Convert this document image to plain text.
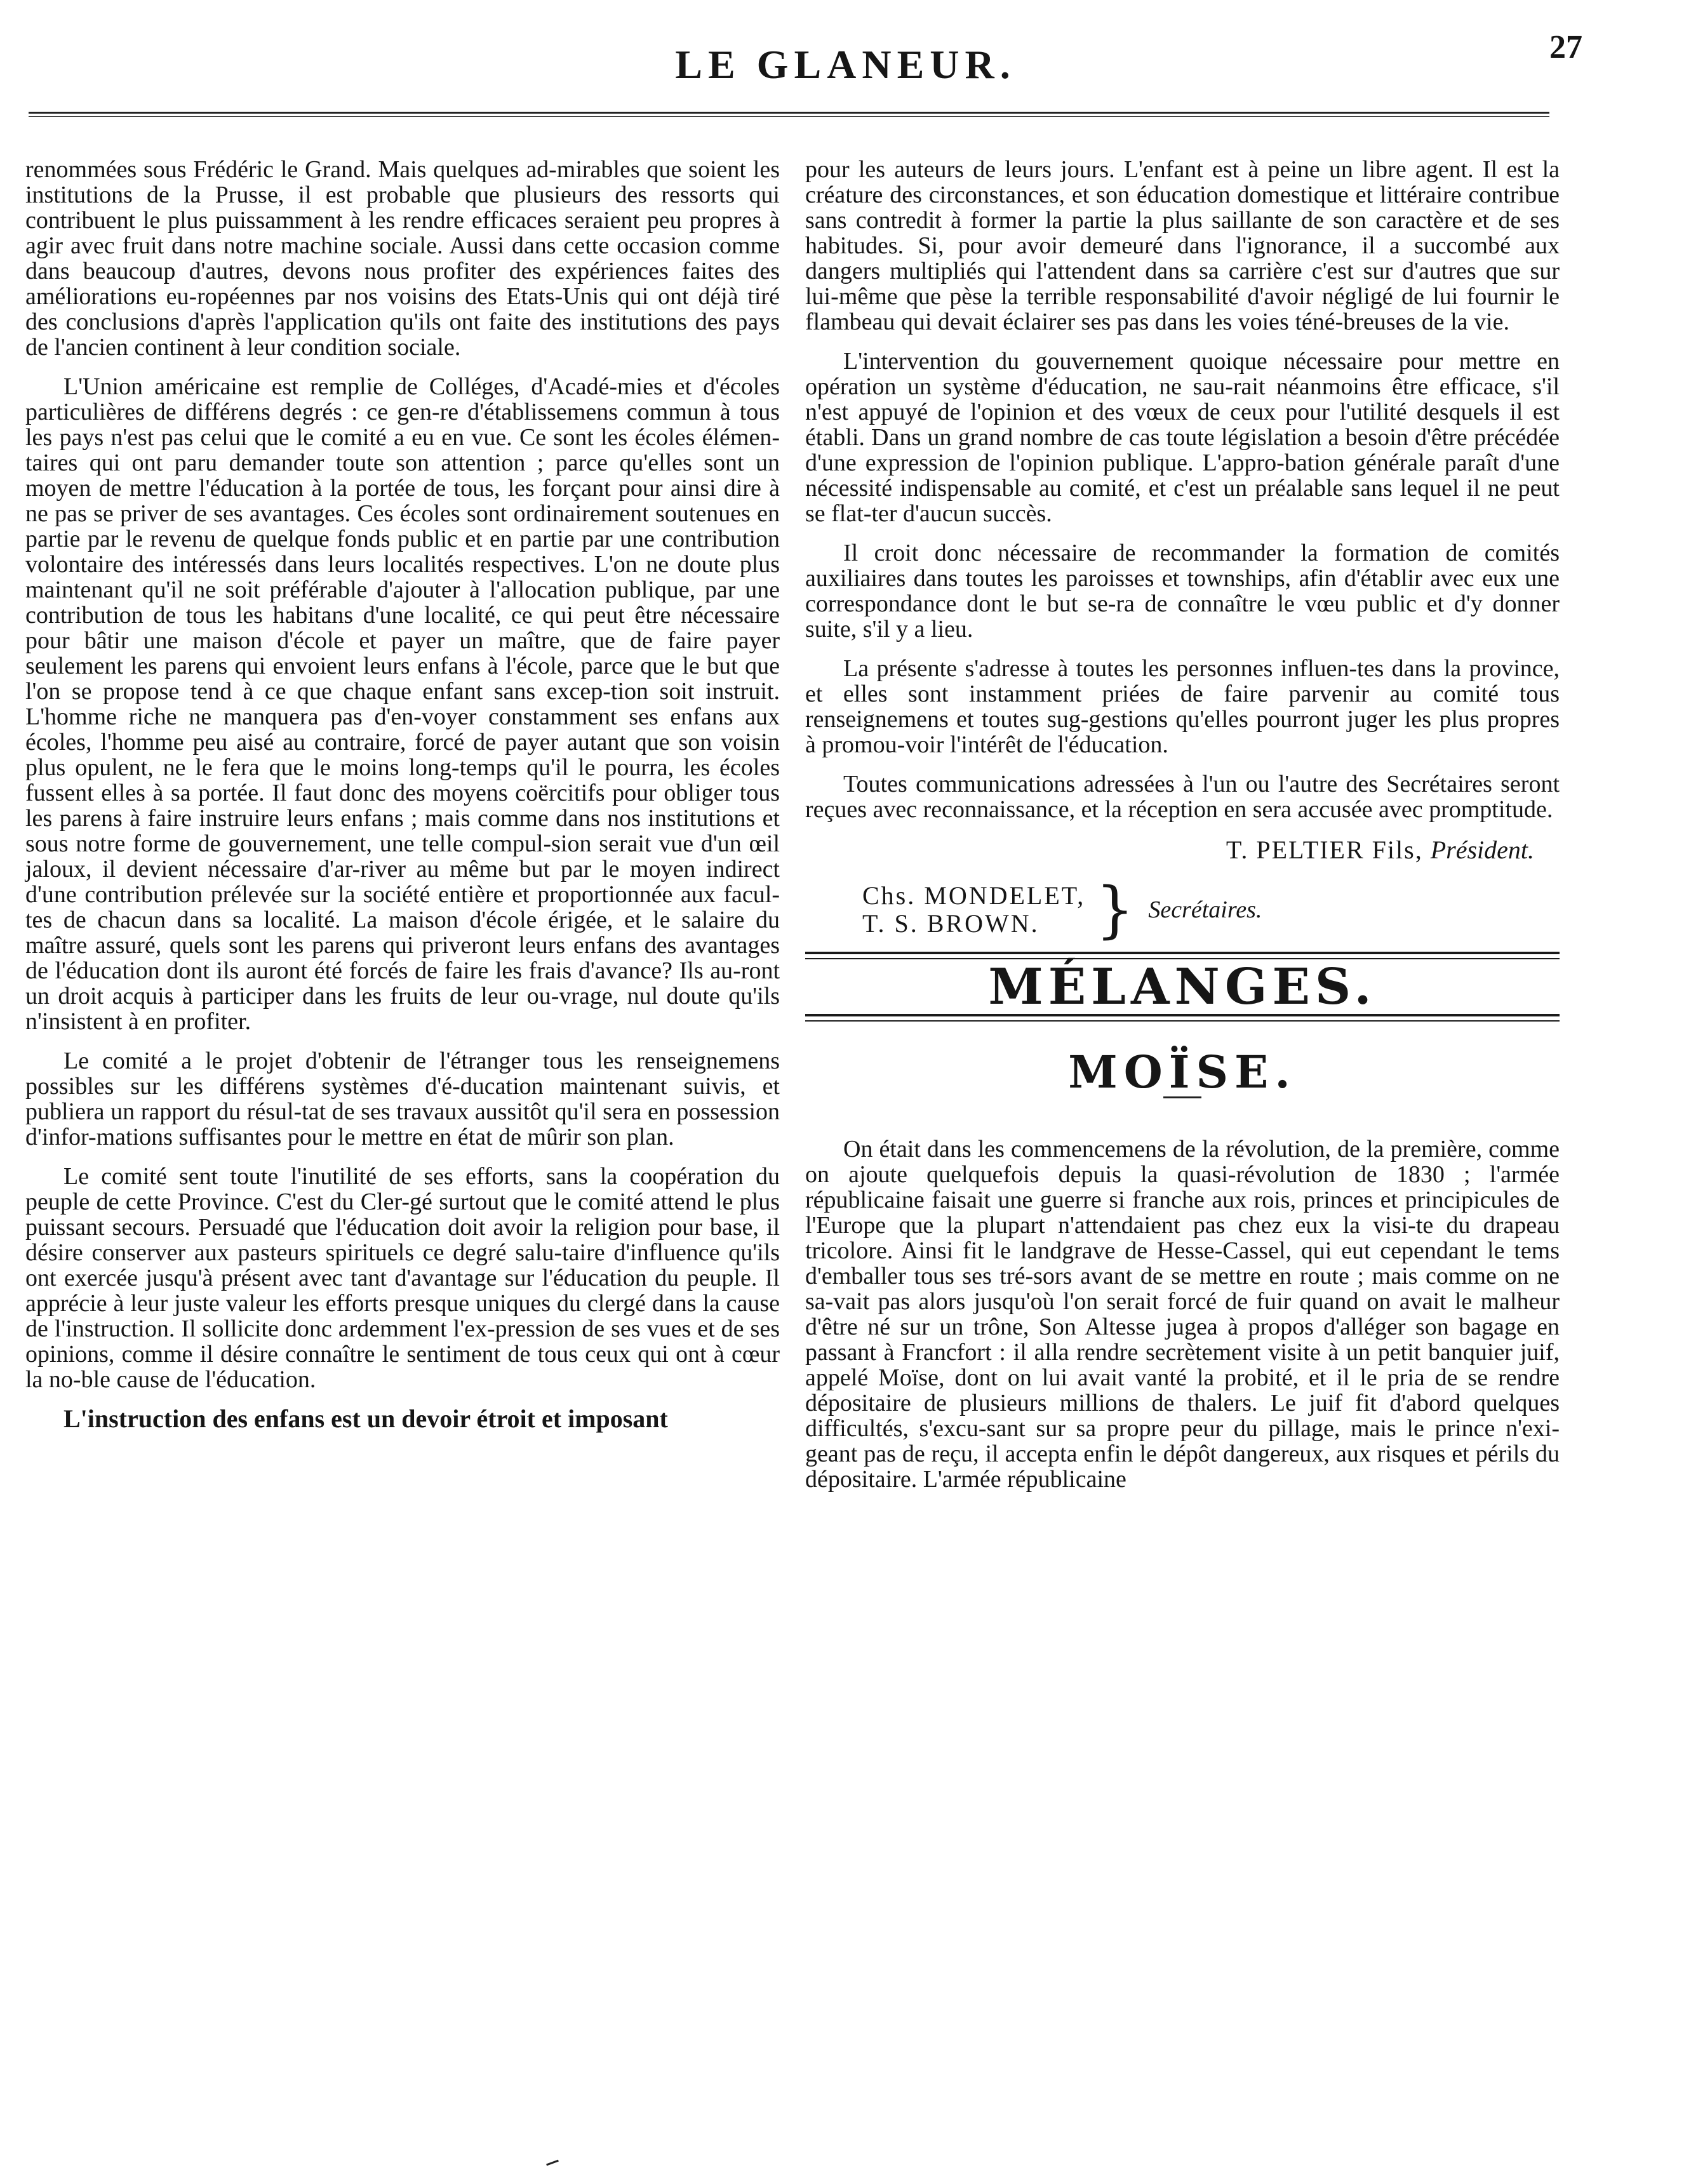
LE GLANEUR.	27

renommées sous Frédéric le Grand. Mais quelques ad-mirables que soient les institutions de la Prusse, il est probable que plusieurs des ressorts qui contribuent le plus puissamment à les rendre efficaces seraient peu propres à agir avec fruit dans notre machine sociale. Aussi dans cette occasion comme dans beaucoup d'autres, devons nous profiter des expériences faites des améliorations eu-ropéennes par nos voisins des Etats-Unis qui ont déjà tiré des conclusions d'après l'application qu'ils ont faite des institutions des pays de l'ancien continent à leur condition sociale.

L'Union américaine est remplie de Colléges, d'Acadé-mies et d'écoles particulières de différens degrés : ce gen-re d'établissemens commun à tous les pays n'est pas celui que le comité a eu en vue. Ce sont les écoles élémen-taires qui ont paru demander toute son attention ; parce qu'elles sont un moyen de mettre l'éducation à la portée de tous, les forçant pour ainsi dire à ne pas se priver de ses avantages. Ces écoles sont ordinairement soutenues en partie par le revenu de quelque fonds public et en partie par une contribution volontaire des intéressés dans leurs localités respectives. L'on ne doute plus maintenant qu'il ne soit préférable d'ajouter à l'allocation publique, par une contribution de tous les habitans d'une localité, ce qui peut être nécessaire pour bâtir une maison d'école et payer un maître, que de faire payer seulement les parens qui envoient leurs enfans à l'école, parce que le but que l'on se propose tend à ce que chaque enfant sans excep-tion soit instruit. L'homme riche ne manquera pas d'en-voyer constamment ses enfans aux écoles, l'homme peu aisé au contraire, forcé de payer autant que son voisin plus opulent, ne le fera que le moins long-temps qu'il le pourra, les écoles fussent elles à sa portée. Il faut donc des moyens coërcitifs pour obliger tous les parens à faire instruire leurs enfans ; mais comme dans nos institutions et sous notre forme de gouvernement, une telle compul-sion serait vue d'un œil jaloux, il devient nécessaire d'ar-river au même but par le moyen indirect d'une contribution prélevée sur la société entière et proportionnée aux facul-tes de chacun dans sa localité. La maison d'école érigée, et le salaire du maître assuré, quels sont les parens qui priveront leurs enfans des avantages de l'éducation dont ils auront été forcés de faire les frais d'avance? Ils au-ront un droit acquis à participer dans les fruits de leur ou-vrage, nul doute qu'ils n'insistent à en profiter.

Le comité a le projet d'obtenir de l'étranger tous les renseignemens possibles sur les différens systèmes d'é-ducation maintenant suivis, et publiera un rapport du résul-tat de ses travaux aussitôt qu'il sera en possession d'infor-mations suffisantes pour le mettre en état de mûrir son plan.

Le comité sent toute l'inutilité de ses efforts, sans la coopération du peuple de cette Province. C'est du Cler-gé surtout que le comité attend le plus puissant secours. Persuadé que l'éducation doit avoir la religion pour base, il désire conserver aux pasteurs spirituels ce degré salu-taire d'influence qu'ils ont exercée jusqu'à présent avec tant d'avantage sur l'éducation du peuple. Il apprécie à leur juste valeur les efforts presque uniques du clergé dans la cause de l'instruction. Il sollicite donc ardemment l'ex-pression de ses vues et de ses opinions, comme il désire connaître le sentiment de tous ceux qui ont à cœur la no-ble cause de l'éducation.

L'instruction des enfans est un devoir étroit et imposant

pour les auteurs de leurs jours. L'enfant est à peine un libre agent. Il est la créature des circonstances, et son éducation domestique et littéraire contribue sans contredit à former la partie la plus saillante de son caractère et de ses habitudes. Si, pour avoir demeuré dans l'ignorance, il a succombé aux dangers multipliés qui l'attendent dans sa carrière c'est sur d'autres que sur lui-même que pèse la terrible responsabilité d'avoir négligé de lui fournir le flambeau qui devait éclairer ses pas dans les voies téné-breuses de la vie.

L'intervention du gouvernement quoique nécessaire pour mettre en opération un système d'éducation, ne sau-rait néanmoins être efficace, s'il n'est appuyé de l'opinion et des vœux de ceux pour l'utilité desquels il est établi. Dans un grand nombre de cas toute législation a besoin d'être précédée d'une expression de l'opinion publique. L'appro-bation générale paraît d'une nécessité indispensable au comité, et c'est un préalable sans lequel il ne peut se flat-ter d'aucun succès.

Il croit donc nécessaire de recommander la formation de comités auxiliaires dans toutes les paroisses et townships, afin d'établir avec eux une correspondance dont le but se-ra de connaître le vœu public et d'y donner suite, s'il y a lieu.

La présente s'adresse à toutes les personnes influen-tes dans la province, et elles sont instamment priées de faire parvenir au comité tous renseignemens et toutes sug-gestions qu'elles pourront juger les plus propres à promou-voir l'intérêt de l'éducation.

Toutes communications adressées à l'un ou l'autre des Secrétaires seront reçues avec reconnaissance, et la réception en sera accusée avec promptitude.

T. PELTIER Fils, Président.
Chs. MONDELET,
T. S. BROWN. } Secrétaires.
MÉLANGES.
MOÏSE.

On était dans les commencemens de la révolution, de la première, comme on ajoute quelquefois depuis la quasi-révolution de 1830 ; l'armée républicaine faisait une guerre si franche aux rois, princes et principicules de l'Europe que la plupart n'attendaient pas chez eux la visi-te du drapeau tricolore. Ainsi fit le landgrave de Hesse-Cassel, qui eut cependant le tems d'emballer tous ses tré-sors avant de se mettre en route ; mais comme on ne sa-vait pas alors jusqu'où l'on serait forcé de fuir quand on avait le malheur d'être né sur un trône, Son Altesse jugea à propos d'alléger son bagage en passant à Francfort : il alla rendre secrètement visite à un petit banquier juif, appelé Moïse, dont on lui avait vanté la probité, et il le pria de se rendre dépositaire de plusieurs millions de thalers. Le juif fit d'abord quelques difficultés, s'excu-sant sur sa propre peur du pillage, mais le prince n'exi-geant pas de reçu, il accepta enfin le dépôt dangereux, aux risques et périls du dépositaire. L'armée républicaine
